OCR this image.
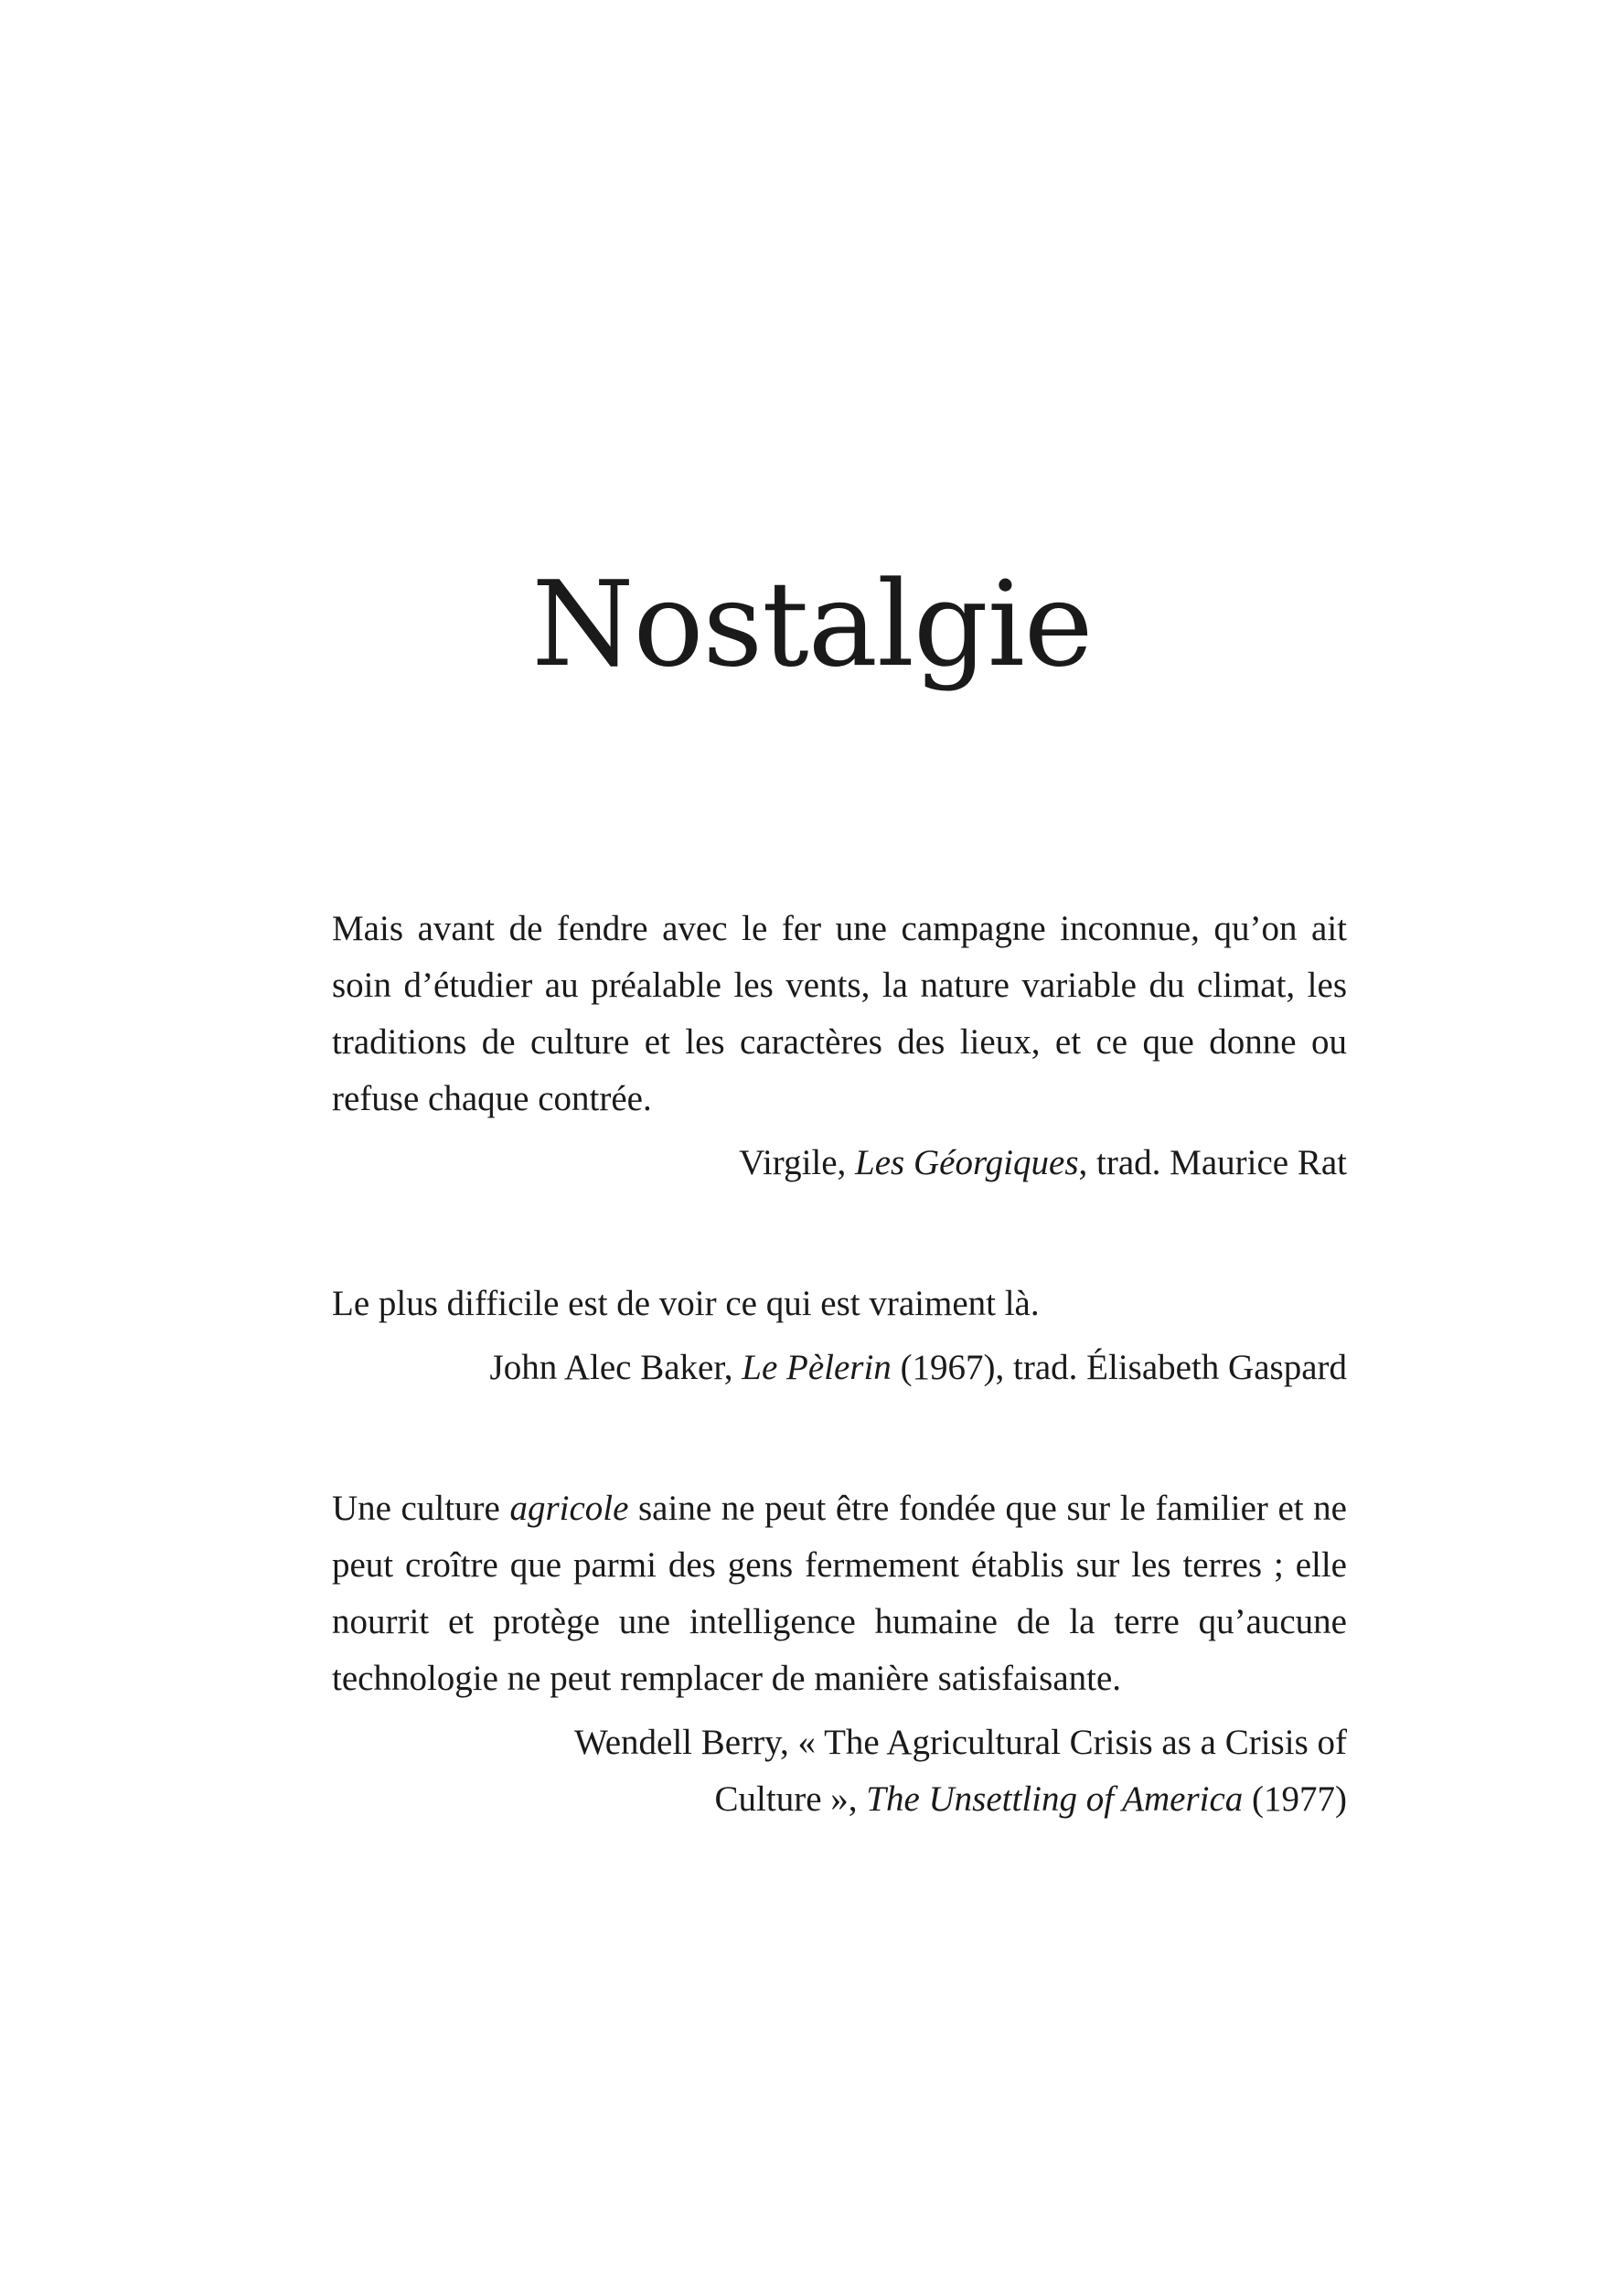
Nostalgie

Mais avant de fendre avec le fer une campagne inconnue, qu’on ait soin d’étudier au préalable les vents, la nature variable du climat, les traditions de culture et les caractères des lieux, et ce que donne ou refuse chaque contrée.

Virgile, Les Géorgiques, trad. Maurice Rat

Le plus difficile est de voir ce qui est vraiment là.

John Alec Baker, Le Pèlerin (1967), trad. Élisabeth Gaspard

Une culture agricole saine ne peut être fondée que sur le familier et ne peut croître que parmi des gens fermement établis sur les terres ; elle nourrit et protège une intelligence humaine de la terre qu’aucune technologie ne peut remplacer de manière satisfaisante.

Wendell Berry, « The Agricultural Crisis as a Crisis of
Culture », The Unsettling of America (1977)
